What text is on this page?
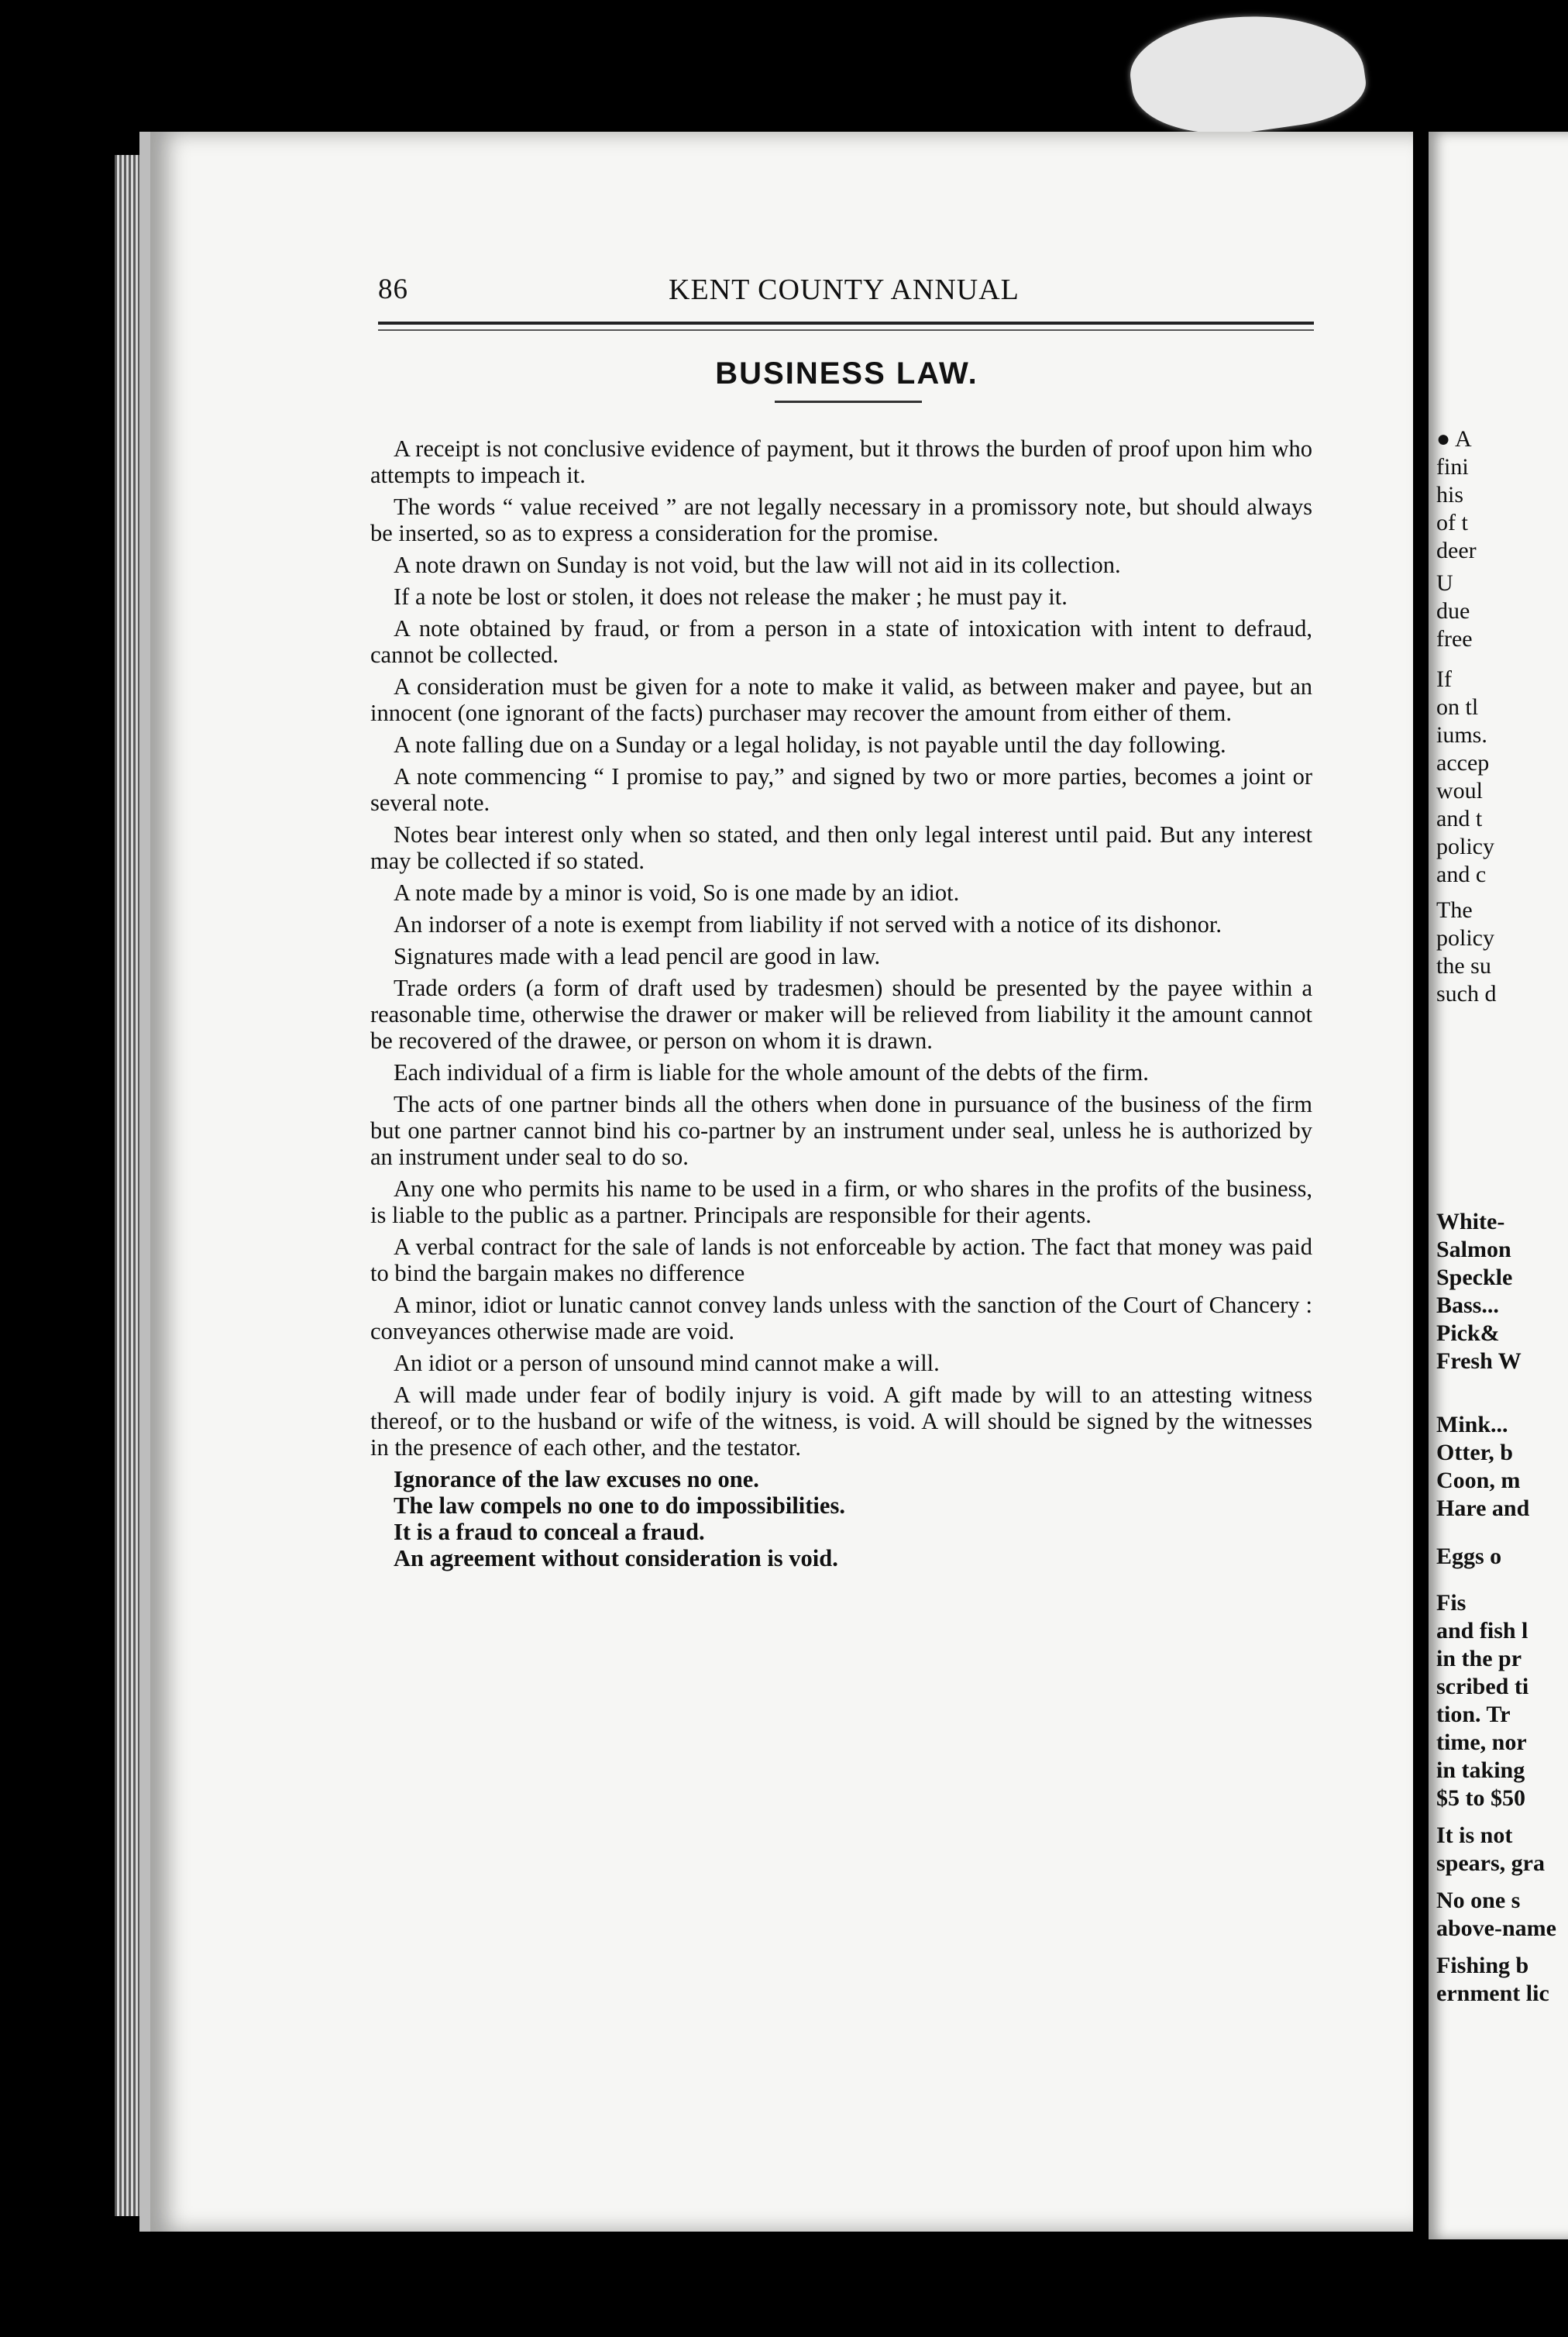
86	KENT COUNTY ANNUAL
BUSINESS LAW.

A receipt is not conclusive evidence of payment, but it throws the burden of proof upon him who attempts to impeach it.

The words “ value received ” are not legally necessary in a promissory note, but should always be inserted, so as to express a consideration for the promise.

A note drawn on Sunday is not void, but the law will not aid in its collection.

If a note be lost or stolen, it does not release the maker ; he must pay it.

A note obtained by fraud, or from a person in a state of intoxication with intent to defraud, cannot be collected.

A consideration must be given for a note to make it valid, as between maker and payee, but an innocent (one ignorant of the facts) purchaser may recover the amount from either of them.

A note falling due on a Sunday or a legal holiday, is not payable until the day following.

A note commencing “ I promise to pay,” and signed by two or more parties, becomes a joint or several note.

Notes bear interest only when so stated, and then only legal interest until paid. But any interest may be collected if so stated.

A note made by a minor is void, So is one made by an idiot.

An indorser of a note is exempt from liability if not served with a notice of its dishonor.

Signatures made with a lead pencil are good in law.

Trade orders (a form of draft used by tradesmen) should be presented by the payee within a reasonable time, otherwise the drawer or maker will be relieved from liability it the amount cannot be recovered of the drawee, or person on whom it is drawn.

Each individual of a firm is liable for the whole amount of the debts of the firm.

The acts of one partner binds all the others when done in pursuance of the business of the firm but one partner cannot bind his co-partner by an instrument under seal, unless he is authorized by an instrument under seal to do so.

Any one who permits his name to be used in a firm, or who shares in the profits of the business, is liable to the public as a partner. Principals are responsible for their agents.

A verbal contract for the sale of lands is not enforceable by action. The fact that money was paid to bind the bargain makes no difference

A minor, idiot or lunatic cannot convey lands unless with the sanction of the Court of Chancery : conveyances otherwise made are void.

An idiot or a person of unsound mind cannot make a will.

A will made under fear of bodily injury is void. A gift made by will to an attesting witness thereof, or to the husband or wife of the witness, is void. A will should be signed by the witnesses in the presence of each other, and the testator.

Ignorance of the law excuses no one.

The law compels no one to do impossibilities.

It is a fraud to conceal a fraud.

An agreement without consideration is void.

● A
fini
his
of t
deer
U
due
free
If
on tl
iums.
accep
woul
and t
policy
and c
The
policy
the su
such d
White-
Salmon
Speckle
Bass...
Pick&
Fresh W
Mink...
Otter, b
Coon, m
Hare and
Eggs o
Fis
and fish l
in the pr
scribed ti
tion. Tr
time, nor
in taking
$5 to $50
It is not
spears, gra
No one s
above-name
Fishing b
ernment lic
